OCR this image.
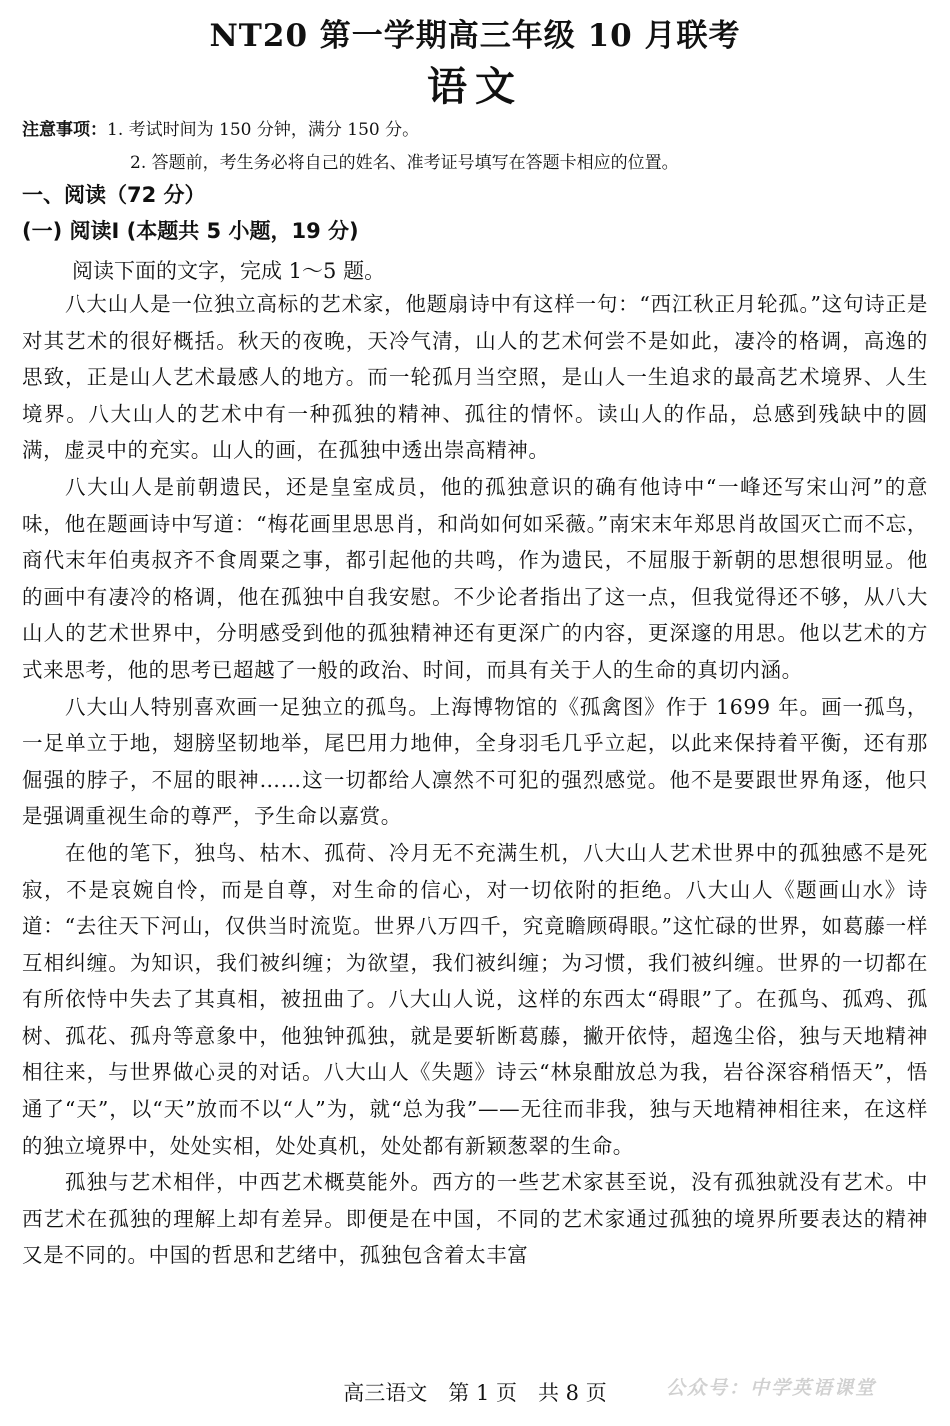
NT20 第一学期高三年级 10 月联考
语文
注意事项：1. 考试时间为 150 分钟，满分 150 分。
2. 答题前，考生务必将自己的姓名、准考证号填写在答题卡相应的位置。
一、阅读（72 分）
(一) 阅读Ⅰ (本题共 5 小题，19 分)
阅读下面的文字，完成 1～5 题。

八大山人是一位独立高标的艺术家，他题扇诗中有这样一句：“西江秋正月轮孤。”这句诗正是对其艺术的很好概括。秋天的夜晚，天冷气清，山人的艺术何尝不是如此，凄冷的格调，高逸的思致，正是山人艺术最感人的地方。而一轮孤月当空照，是山人一生追求的最高艺术境界、人生境界。八大山人的艺术中有一种孤独的精神、孤往的情怀。读山人的作品，总感到残缺中的圆满，虚灵中的充实。山人的画，在孤独中透出崇高精神。

八大山人是前朝遗民，还是皇室成员，他的孤独意识的确有他诗中“一峰还写宋山河”的意味，他在题画诗中写道：“梅花画里思思肖，和尚如何如采薇。”南宋末年郑思肖故国灭亡而不忘，商代末年伯夷叔齐不食周粟之事，都引起他的共鸣，作为遗民，不屈服于新朝的思想很明显。他的画中有凄冷的格调，他在孤独中自我安慰。不少论者指出了这一点，但我觉得还不够，从八大山人的艺术世界中，分明感受到他的孤独精神还有更深广的内容，更深邃的用思。他以艺术的方式来思考，他的思考已超越了一般的政治、时间，而具有关于人的生命的真切内涵。

八大山人特别喜欢画一足独立的孤鸟。上海博物馆的《孤禽图》作于 1699 年。画一孤鸟，一足单立于地，翅膀坚韧地举，尾巴用力地伸，全身羽毛几乎立起，以此来保持着平衡，还有那倔强的脖子，不屈的眼神……这一切都给人凛然不可犯的强烈感觉。他不是要跟世界角逐，他只是强调重视生命的尊严，予生命以嘉赏。

在他的笔下，独鸟、枯木、孤荷、冷月无不充满生机，八大山人艺术世界中的孤独感不是死寂，不是哀婉自怜，而是自尊，对生命的信心，对一切依附的拒绝。八大山人《题画山水》诗道：“去往天下河山，仅供当时流览。世界八万四千，究竟瞻顾碍眼。”这忙碌的世界，如葛藤一样互相纠缠。为知识，我们被纠缠；为欲望，我们被纠缠；为习惯，我们被纠缠。世界的一切都在有所依恃中失去了其真相，被扭曲了。八大山人说，这样的东西太“碍眼”了。在孤鸟、孤鸡、孤树、孤花、孤舟等意象中，他独钟孤独，就是要斩断葛藤，撇开依恃，超逸尘俗，独与天地精神相往来，与世界做心灵的对话。八大山人《失题》诗云“林泉酣放总为我，岩谷深容稍悟天”，悟通了“天”，以“天”放而不以“人”为，就“总为我”——无往而非我，独与天地精神相往来，在这样的独立境界中，处处实相，处处真机，处处都有新颖葱翠的生命。

孤独与艺术相伴，中西艺术概莫能外。西方的一些艺术家甚至说，没有孤独就没有艺术。中西艺术在孤独的理解上却有差异。即便是在中国，不同的艺术家通过孤独的境界所要表达的精神又是不同的。中国的哲思和艺绪中，孤独包含着太丰富

高三语文　第 1 页　共 8 页	公众号：中学英语课堂
